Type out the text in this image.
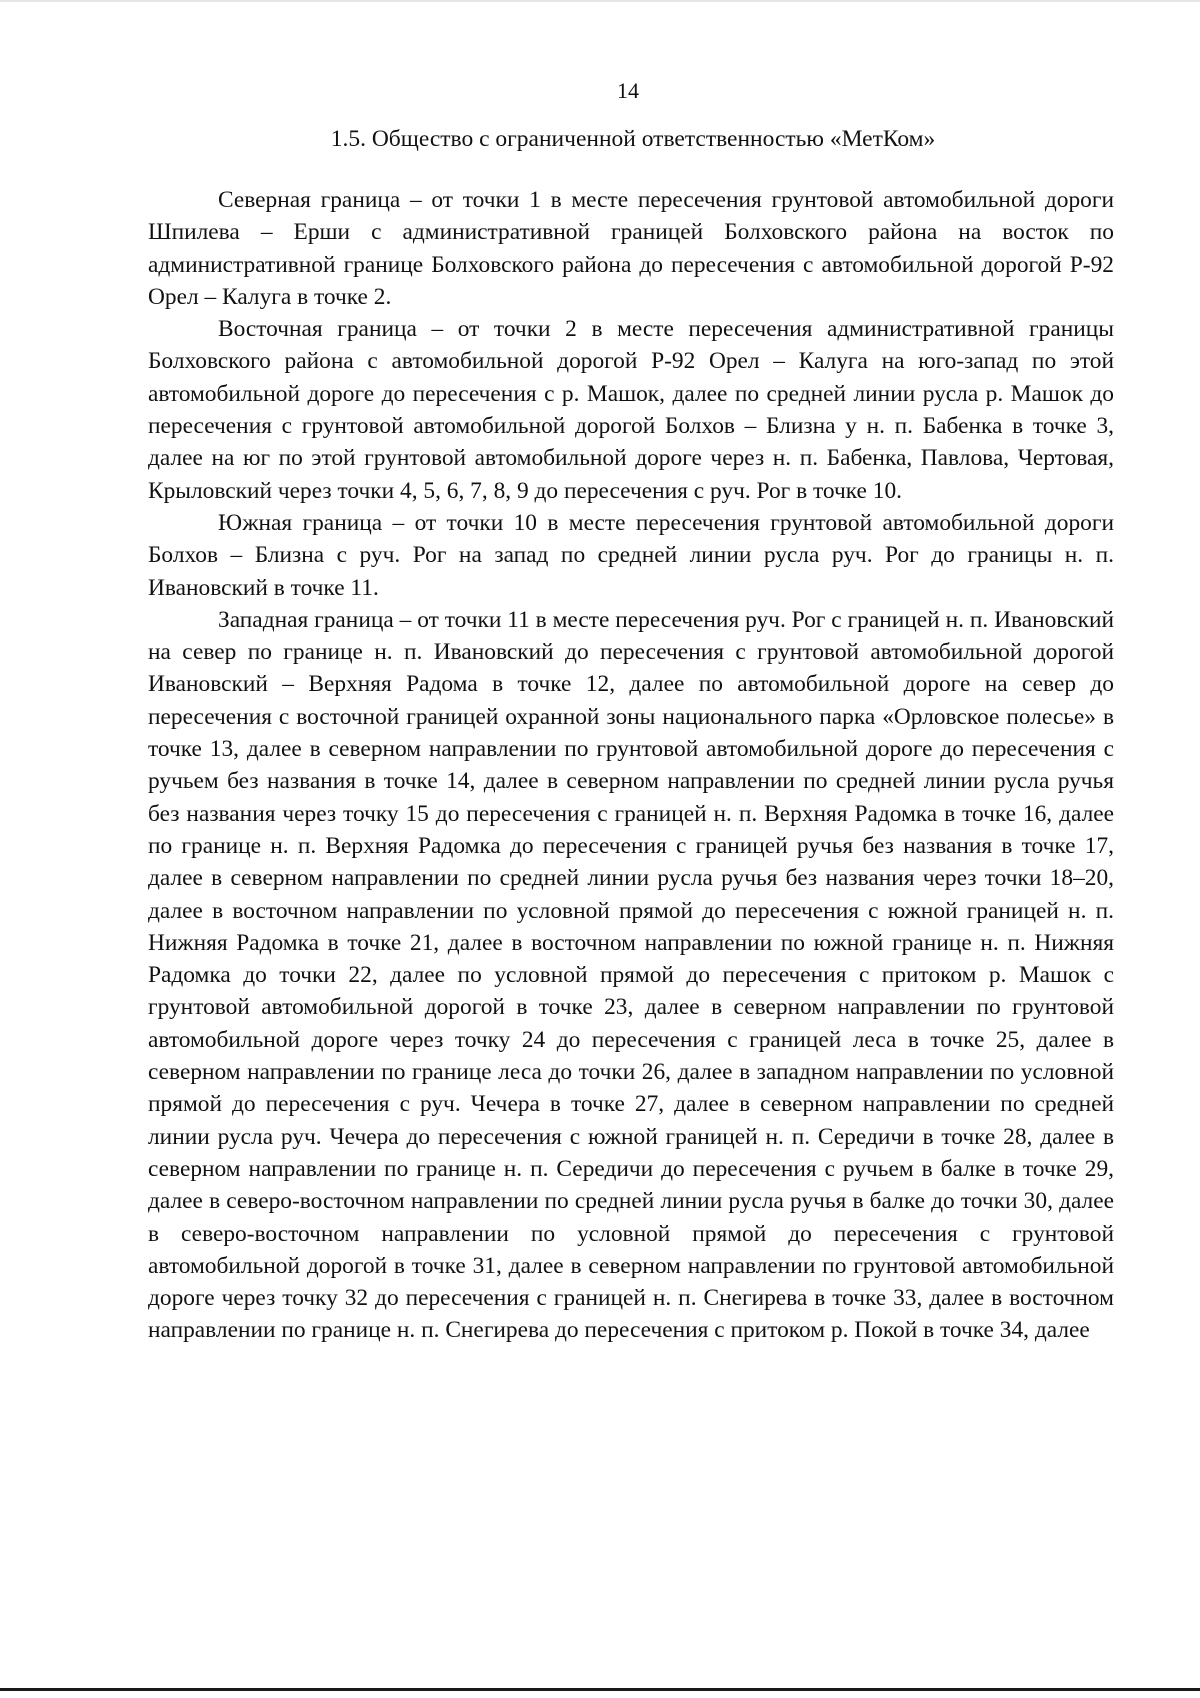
14
1.5. Общество с ограниченной ответственностью «МетКом»

Северная граница – от точки 1 в месте пересечения грунтовой автомобильной дороги Шпилева – Ерши с административной границей Болховского района на восток по административной границе Болховского района до пересечения с автомобильной дорогой Р-92 Орел – Калуга в точке 2.

Восточная граница – от точки 2 в месте пересечения административной границы Болховского района с автомобильной дорогой Р-92 Орел – Калуга на юго-запад по этой автомобильной дороге до пересечения с р. Машок, далее по средней линии русла р. Машок до пересечения с грунтовой автомобильной дорогой Болхов – Близна у н. п. Бабенка в точке 3, далее на юг по этой грунтовой автомобильной дороге через н. п. Бабенка, Павлова, Чертовая, Крыловский через точки 4, 5, 6, 7, 8, 9 до пересечения с руч. Рог в точке 10.

Южная граница – от точки 10 в месте пересечения грунтовой автомобильной дороги Болхов – Близна с руч. Рог на запад по средней линии русла руч. Рог до границы н. п. Ивановский в точке 11.

Западная граница – от точки 11 в месте пересечения руч. Рог с границей н. п. Ивановский на север по границе н. п. Ивановский до пересечения с грунтовой автомобильной дорогой Ивановский – Верхняя Радома в точке 12, далее по автомобильной дороге на север до пересечения с восточной границей охранной зоны национального парка «Орловское полесье» в точке 13, далее в северном направлении по грунтовой автомобильной дороге до пересечения с ручьем без названия в точке 14, далее в северном направлении по средней линии русла ручья без названия через точку 15 до пересечения с границей н. п. Верхняя Радомка в точке 16, далее по границе н. п. Верхняя Радомка до пересечения с границей ручья без названия в точке 17, далее в северном направлении по средней линии русла ручья без названия через точки 18–20, далее в восточном направлении по условной прямой до пересечения с южной границей н. п. Нижняя Радомка в точке 21, далее в восточном направлении по южной границе н. п. Нижняя Радомка до точки 22, далее по условной прямой до пересечения с притоком р. Машок с грунтовой автомобильной дорогой в точке 23, далее в северном направлении по грунтовой автомобильной дороге через точку 24 до пересечения с границей леса в точке 25, далее в северном направлении по границе леса до точки 26, далее в западном направлении по условной прямой до пересечения с руч. Чечера в точке 27, далее в северном направлении по средней линии русла руч. Чечера до пересечения с южной границей н. п. Середичи в точке 28, далее в северном направлении по границе н. п. Середичи до пересечения с ручьем в балке в точке 29, далее в северо-восточном направлении по средней линии русла ручья в балке до точки 30, далее в северо-восточном направлении по условной прямой до пересечения с грунтовой автомобильной дорогой в точке 31, далее в северном направлении по грунтовой автомобильной дороге через точку 32 до пересечения с границей н. п. Снегирева в точке 33, далее в восточном направлении по границе н. п. Снегирева до пересечения с притоком р. Покой в точке 34, далее
